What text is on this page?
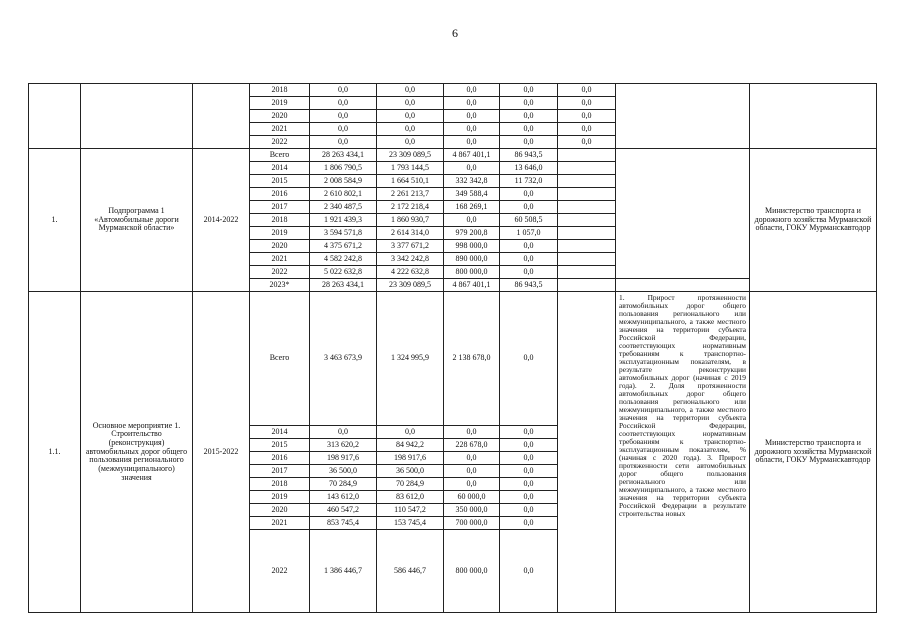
6
			2018	0,0	0,0	0,0	0,0	0,0		
			2019	0,0	0,0	0,0	0,0	0,0		
			2020	0,0	0,0	0,0	0,0	0,0		
			2021	0,0	0,0	0,0	0,0	0,0		
			2022	0,0	0,0	0,0	0,0	0,0		
1.	Подпрограмма 1 «Автомобильные дороги Мурманской области»	2014-2022	Всего	28 263 434,1	23 309 089,5	4 867 401,1	86 943,5			Министерство транспорта и дорожного хозяйства Мурманской области, ГОКУ Мурманскавтодор
			2014	1 806 790,5	1 793 144,5	0,0	13 646,0			
			2015	2 008 584,9	1 664 510,1	332 342,8	11 732,0			
			2016	2 610 802,1	2 261 213,7	349 588,4	0,0			
			2017	2 340 487,5	2 172 218,4	168 269,1	0,0			
			2018	1 921 439,3	1 860 930,7	0,0	60 508,5			
			2019	3 594 571,8	2 614 314,0	979 200,8	1 057,0			
			2020	4 375 671,2	3 377 671,2	998 000,0	0,0			
			2021	4 582 242,8	3 342 242,8	890 000,0	0,0			
			2022	5 022 632,8	4 222 632,8	800 000,0	0,0			
			2023*	28 263 434,1	23 309 089,5	4 867 401,1	86 943,5			
1.1.	Основное мероприятие 1. Строительство (реконструкция) автомобильных дорог общего пользования регионального (межмуниципального) значения	2015-2022	Всего	3 463 673,9	1 324 995,9	2 138 678,0	0,0		1. Прирост протяженности автомобильных дорог общего пользования регионального или межмуниципального, а также местного значения на территории субъекта Российской Федерации, соответствующих нормативным требованиям к транспортно-эксплуатационным показателям, в результате реконструкции автомобильных дорог (начиная с 2019 года). 2. Доля протяженности автомобильных дорог общего пользования регионального или межмуниципального, а также местного значения на территории субъекта Российской Федерации, соответствующих нормативным требованиям к транспортно-эксплуатационным показателям, % (начиная с 2020 года). 3. Прирост протяженности сети автомобильных дорог общего пользования регионального или межмуниципального, а также местного значения на территории субъекта Российской Федерации в результате строительства новых	Министерство транспорта и дорожного хозяйства Мурманской области, ГОКУ Мурманскавтодор
			2014	0,0	0,0	0,0	0,0			
			2015	313 620,2	84 942,2	228 678,0	0,0			
			2016	198 917,6	198 917,6	0,0	0,0			
			2017	36 500,0	36 500,0	0,0	0,0			
			2018	70 284,9	70 284,9	0,0	0,0			
			2019	143 612,0	83 612,0	60 000,0	0,0			
			2020	460 547,2	110 547,2	350 000,0	0,0			
			2021	853 745,4	153 745,4	700 000,0	0,0			
			2022	1 386 446,7	586 446,7	800 000,0	0,0			
